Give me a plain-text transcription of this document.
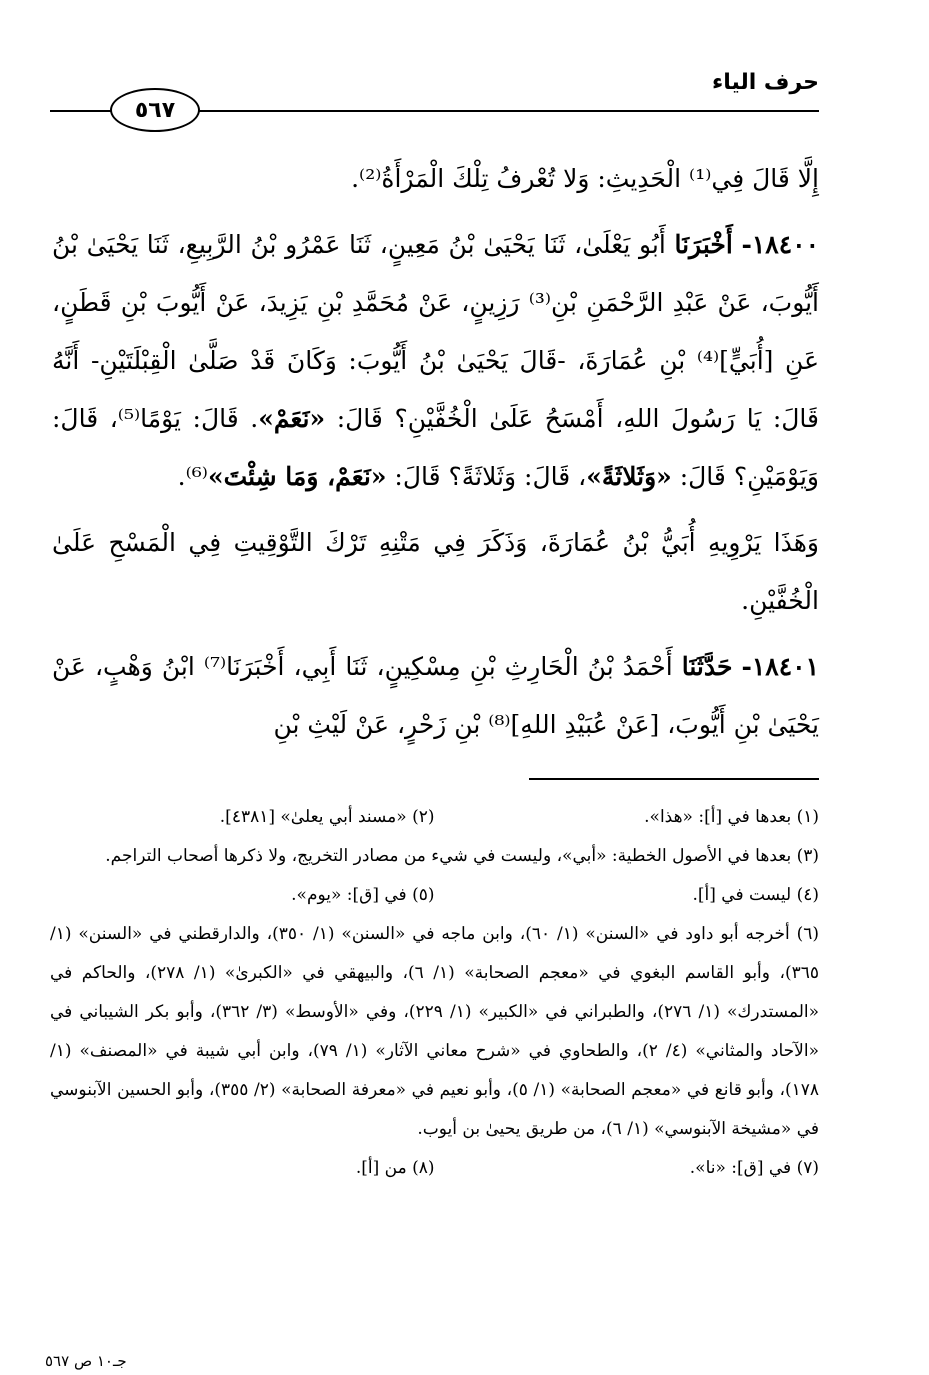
حرف الياء
٥٦٧

إِلَّا قَالَ فِي⁽¹⁾ الْحَدِيثِ: وَلا تُعْرفُ تِلْكَ الْمَرْأَةُ⁽²⁾.

١٨٤٠٠- أَخْبَرَنَا أَبُو يَعْلَىٰ، ثَنَا يَحْيَىٰ بْنُ مَعِينٍ، ثَنَا عَمْرُو بْنُ الرَّبِيعِ، ثَنَا يَحْيَىٰ بْنُ أَيُّوبَ، عَنْ عَبْدِ الرَّحْمَنِ بْنِ⁽³⁾ رَزِينٍ، عَنْ مُحَمَّدِ بْنِ يَزِيدَ، عَنْ أَيُّوبَ بْنِ قَطَنٍ، عَنِ [أُبَيٍّ]⁽⁴⁾ بْنِ عُمَارَةَ، -قَالَ يَحْيَىٰ بْنُ أَيُّوبَ: وَكَانَ قَدْ صَلَّىٰ الْقِبْلَتَيْنِ- أَنَّهُ قَالَ: يَا رَسُولَ اللهِ، أَمْسَحُ عَلَىٰ الْخُفَّيْنِ؟ قَالَ: «نَعَمْ». قَالَ: يَوْمًا⁽⁵⁾، قَالَ: وَيَوْمَيْنِ؟ قَالَ: «وَثَلاثَةً»، قَالَ: وَثَلاثَةً؟ قَالَ: «نَعَمْ، وَمَا شِئْتَ»⁽⁶⁾.

وَهَذَا يَرْوِيهِ أُبَيُّ بْنُ عُمَارَةَ، وَذَكَرَ فِي مَتْنِهِ تَرْكَ التَّوْقِيتِ فِي الْمَسْحِ عَلَىٰ الْخُفَّيْنِ.

١٨٤٠١- حَدَّثَنَا أَحْمَدُ بْنُ الْحَارِثِ بْنِ مِسْكِينٍ، ثَنَا أَبِي، أَخْبَرَنَا⁽⁷⁾ ابْنُ وَهْبٍ، عَنْ يَحْيَىٰ بْنِ أَيُّوبَ، [عَنْ عُبَيْدِ اللهِ]⁽⁸⁾ بْنِ زَحْرٍ، عَنْ لَيْثِ بْنِ

(١) بعدها في [أ]: «هذا».
(٢) «مسند أبي يعلىٰ» [٤٣٨١].
(٣) بعدها في الأصول الخطية: «أبي»، وليست في شيء من مصادر التخريج، ولا ذكرها أصحاب التراجم.
(٤) ليست في [أ].
(٥) في [ق]: «يوم».
(٦) أخرجه أبو داود في «السنن» (١/ ٦٠)، وابن ماجه في «السنن» (١/ ٣٥٠)، والدارقطني في «السنن» (١/ ٣٦٥)، وأبو القاسم البغوي في «معجم الصحابة» (١/ ٦)، والبيهقي في «الكبرىٰ» (١/ ٢٧٨)، والحاكم في «المستدرك» (١/ ٢٧٦)، والطبراني في «الكبير» (١/ ٢٢٩)، وفي «الأوسط» (٣/ ٣٦٢)، وأبو بكر الشيباني في «الآحاد والمثاني» (٤/ ٢)، والطحاوي في «شرح معاني الآثار» (١/ ٧٩)، وابن أبي شيبة في «المصنف» (١/ ١٧٨)، وأبو قانع في «معجم الصحابة» (١/ ٥)، وأبو نعيم في «معرفة الصحابة» (٢/ ٣٥٥)، وأبو الحسين الآبنوسي في «مشيخة الآبنوسي» (١/ ٦)، من طريق يحيىٰ بن أيوب.
(٧) في [ق]: «نا».
(٨) من [أ].
جـ١٠ ص ٥٦٧
